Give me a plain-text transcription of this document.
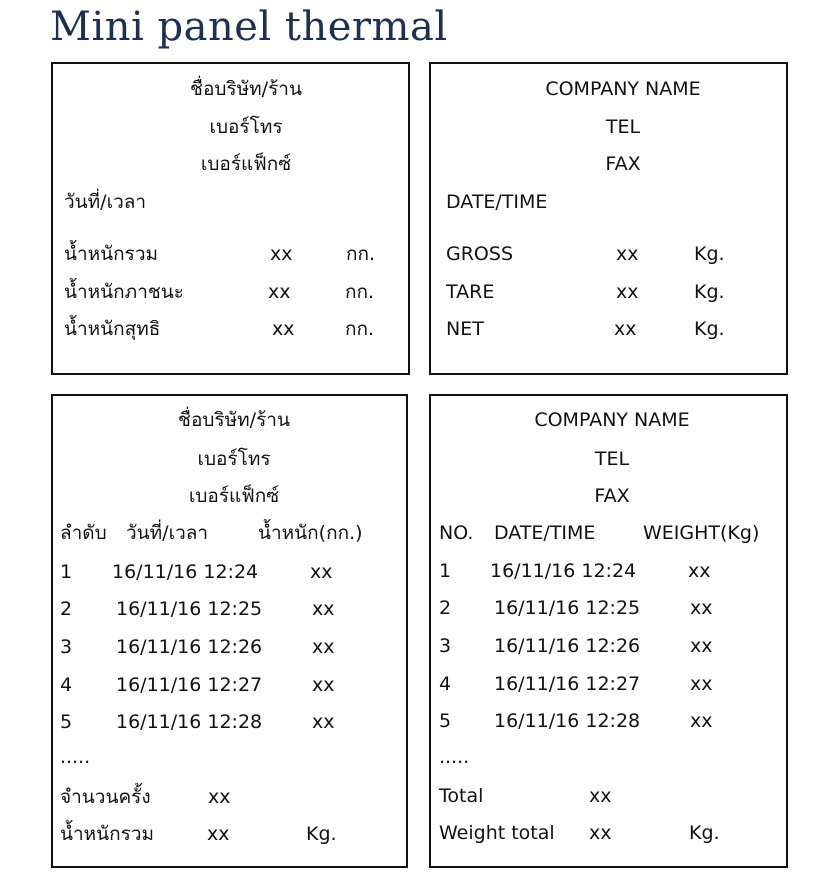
Mini panel thermal
ชื่อบริษัท/ร้าน
เบอร์โทร
เบอร์แฟ็กซ์
วันที่/เวลา
น้ำหนักรวม	xx	กก.
น้ำหนักภาชนะ	xx	กก.
น้ำหนักสุทธิ	xx	กก.
COMPANY NAME
TEL
FAX
DATE/TIME
GROSS	xx	Kg.
TARE	xx	Kg.
NET	xx	Kg.
ชื่อบริษัท/ร้าน
เบอร์โทร
เบอร์แฟ็กซ์
ลำดับ วันที่/เวลา	น้ำหนัก(กก.)
1 16/11/16 12:24	xx
2 16/11/16 12:25	xx
3 16/11/16 12:26	xx
4 16/11/16 12:27	xx
5 16/11/16 12:28	xx
.....
จำนวนครั้ง	xx
น้ำหนักรวม	xx	Kg.
COMPANY NAME
TEL
FAX
NO. DATE/TIME	WEIGHT(Kg)
1 16/11/16 12:24	xx
2 16/11/16 12:25	xx
3 16/11/16 12:26	xx
4 16/11/16 12:27	xx
5 16/11/16 12:28	xx
.....
Total	xx
Weight total xx	Kg.
